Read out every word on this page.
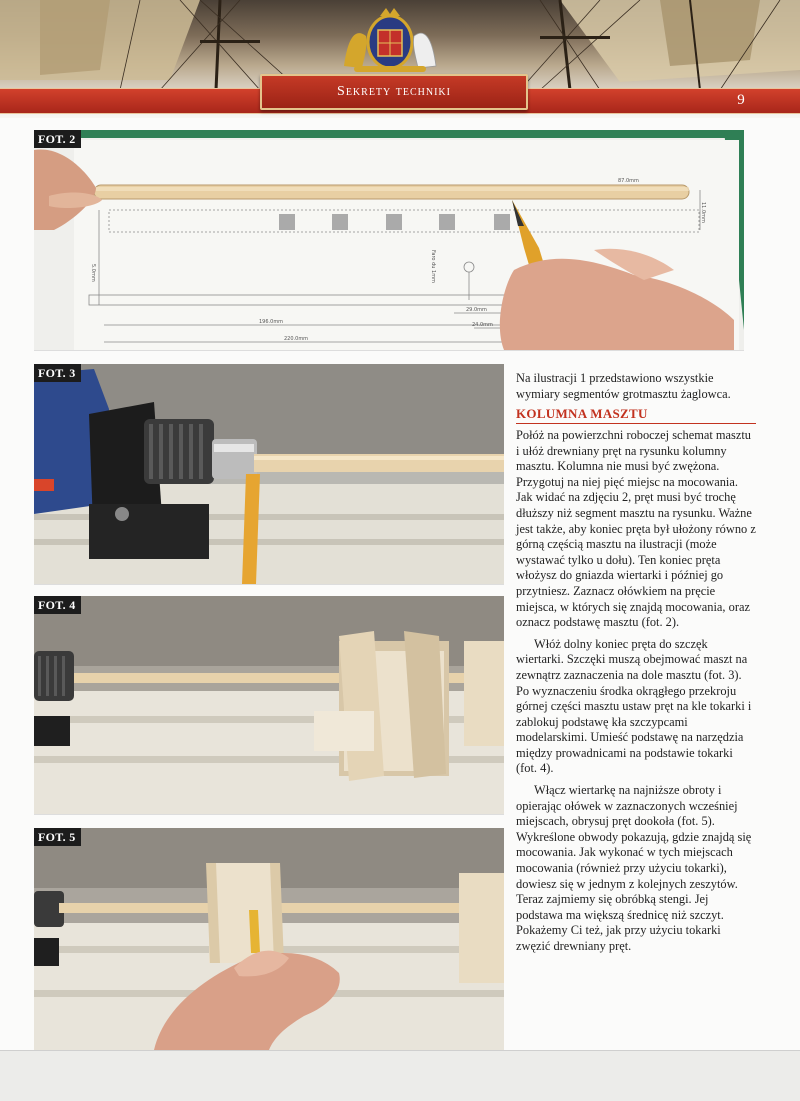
Sekrety techniki
9
87.0mm
11.0mm
5.0mm	Faro du 1mm
29.0mm
24.0mm
196.0mm
220.0mm
FOT. 2
FOT. 3
FOT. 4
FOT. 5

Na ilustracji 1 przedstawiono wszystkie wymiary segmentów grotmasztu żaglowca.

KOLUMNA MASZTU

Połóż na powierzchni roboczej schemat masztu i ułóż drewniany pręt na rysunku kolumny masztu. Kolumna nie musi być zwężona. Przygotuj na niej pięć miejsc na mocowania. Jak widać na zdjęciu 2, pręt musi być trochę dłuższy niż segment masztu na rysunku. Ważne jest także, aby koniec pręta był ułożony równo z górną częścią masztu na ilustracji (może wystawać tylko u dołu). Ten koniec pręta włożysz do gniazda wiertarki i później go przytniesz. Zaznacz ołówkiem na pręcie miejsca, w których się znajdą mocowania, oraz oznacz podstawę masztu (fot. 2).

Włóż dolny koniec pręta do szczęk wiertarki. Szczęki muszą obejmować maszt na zewnątrz zaznaczenia na dole masztu (fot. 3). Po wyznaczeniu środka okrągłego przekroju górnej części masztu ustaw pręt na kle tokarki i zablokuj podstawę kła szczypcami modelarskimi. Umieść podstawę na narzędzia między prowadnicami na podstawie tokarki (fot. 4).

Włącz wiertarkę na najniższe obroty i opierając ołówek w zaznaczonych wcześniej miejscach, obrysuj pręt dookoła (fot. 5). Wykreślone obwody pokazują, gdzie znajdą się mocowania. Jak wykonać w tych miejscach mocowania (również przy użyciu tokarki), dowiesz się w jednym z kolejnych zeszytów. Teraz zajmiemy się obróbką stengi. Jej podstawa ma większą średnicę niż szczyt. Pokażemy Ci też, jak przy użyciu tokarki zwęzić drewniany pręt.
